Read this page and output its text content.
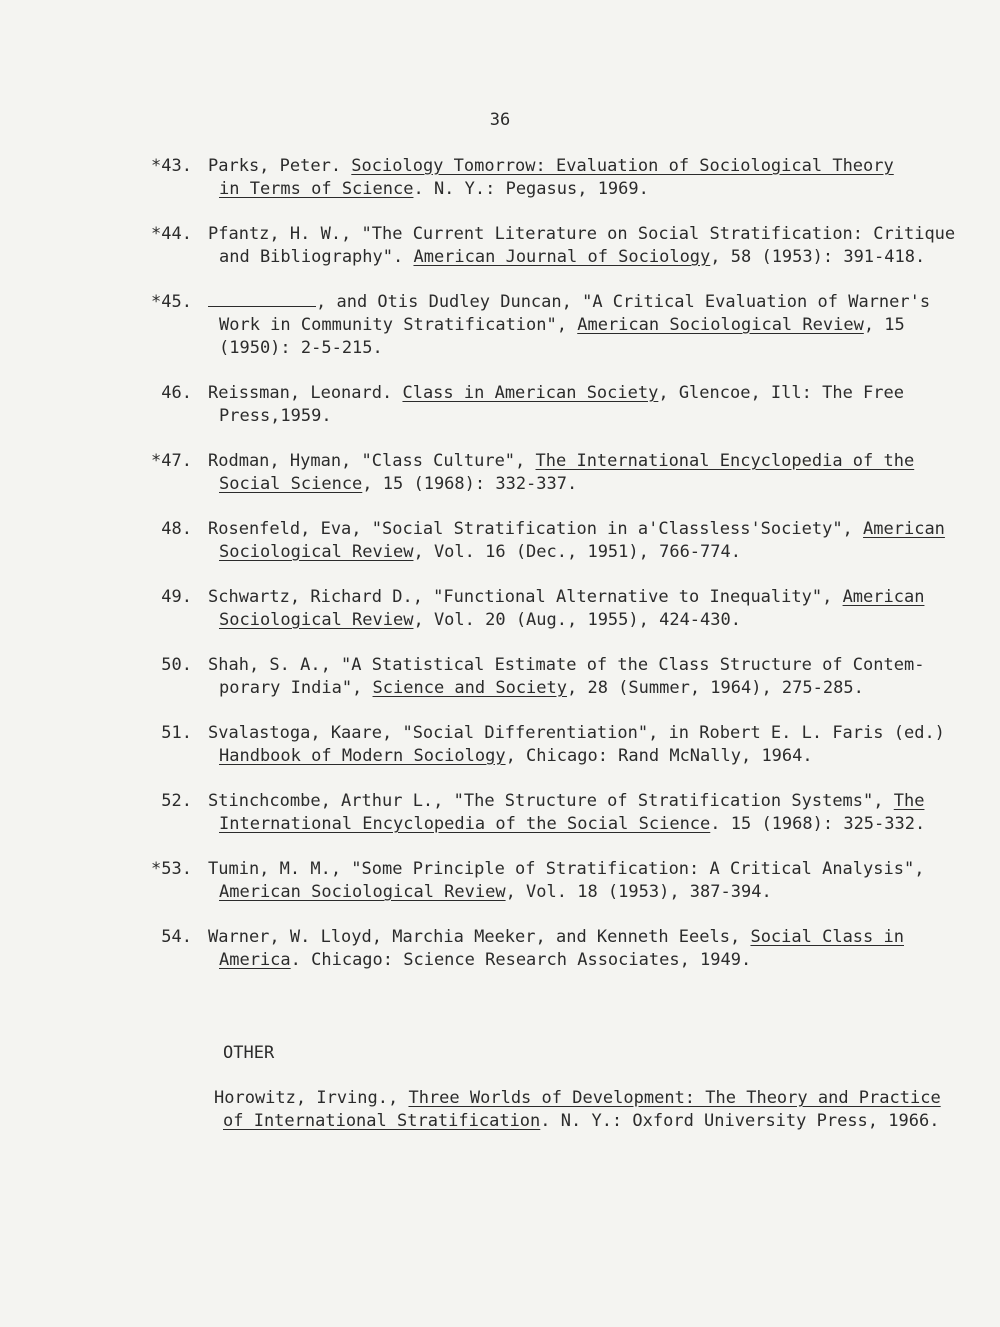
36
*43. Parks, Peter. Sociology Tomorrow: Evaluation of Sociological Theory
in Terms of Science. N. Y.: Pegasus, 1969.
*44. Pfantz, H. W., "The Current Literature on Social Stratification: Critique
and Bibliography". American Journal of Sociology, 58 (1953): 391-418.
*45.	, and Otis Dudley Duncan, "A Critical Evaluation of Warner's
Work in Community Stratification", American Sociological Review, 15
(1950): 2-5-215.
46. Reissman, Leonard. Class in American Society, Glencoe, Ill: The Free
Press,1959.
*47. Rodman, Hyman, "Class Culture", The International Encyclopedia of the
Social Science, 15 (1968): 332-337.
48. Rosenfeld, Eva, "Social Stratification in a'Classless'Society", American
Sociological Review, Vol. 16 (Dec., 1951), 766-774.
49. Schwartz, Richard D., "Functional Alternative to Inequality", American
Sociological Review, Vol. 20 (Aug., 1955), 424-430.
50. Shah, S. A., "A Statistical Estimate of the Class Structure of Contem-
porary India", Science and Society, 28 (Summer, 1964), 275-285.
51. Svalastoga, Kaare, "Social Differentiation", in Robert E. L. Faris (ed.)
Handbook of Modern Sociology, Chicago: Rand McNally, 1964.
52. Stinchcombe, Arthur L., "The Structure of Stratification Systems", The
International Encyclopedia of the Social Science. 15 (1968): 325-332.
*53. Tumin, M. M., "Some Principle of Stratification: A Critical Analysis",
American Sociological Review, Vol. 18 (1953), 387-394.
54. Warner, W. Lloyd, Marchia Meeker, and Kenneth Eeels, Social Class in
America. Chicago: Science Research Associates, 1949.
OTHER
Horowitz, Irving., Three Worlds of Development: The Theory and Practice
of International Stratification. N. Y.: Oxford University Press, 1966.
